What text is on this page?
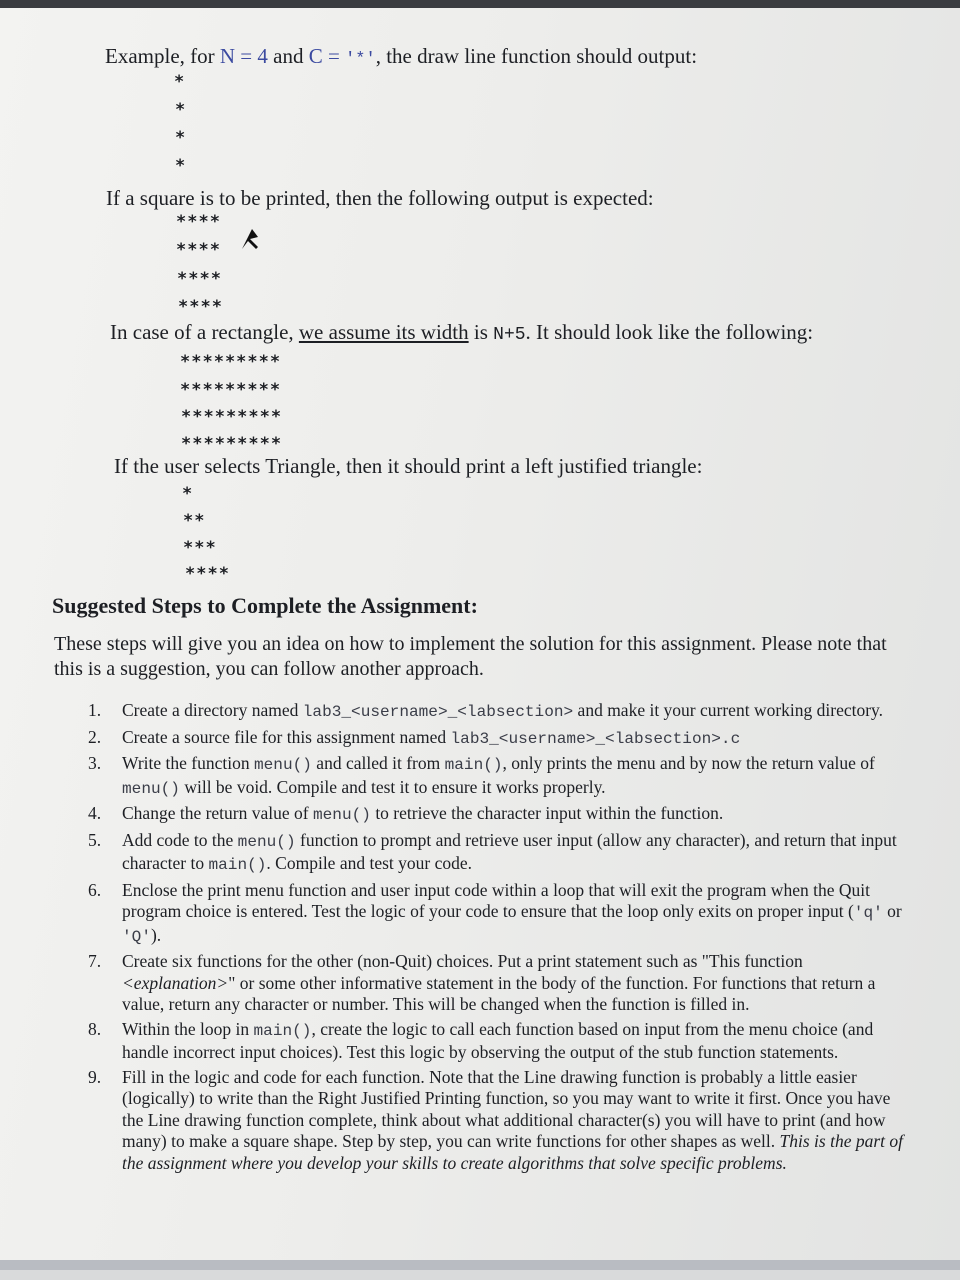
Example, for N = 4 and C = '*', the draw line function should output:
*
*
*
*
If a square is to be printed, then the following output is expected:
****
****
****
****
In case of a rectangle, we assume its width is N+5. It should look like the following:
*********
*********
*********
*********
If the user selects Triangle, then it should print a left justified triangle:
*
**
***
****
Suggested Steps to Complete the Assignment:
These steps will give you an idea on how to implement the solution for this assignment. Please note that this is a suggestion, you can follow another approach.
1. Create a directory named lab3_<username>_<labsection> and make it your current working directory.
2. Create a source file for this assignment named lab3_<username>_<labsection>.c
3. Write the function menu() and called it from main(), only prints the menu and by now the return value of menu() will be void. Compile and test it to ensure it works properly.
4. Change the return value of menu() to retrieve the character input within the function.
5. Add code to the menu() function to prompt and retrieve user input (allow any character), and return that input character to main(). Compile and test your code.
6. Enclose the print menu function and user input code within a loop that will exit the program when the Quit program choice is entered. Test the logic of your code to ensure that the loop only exits on proper input ('q' or 'Q').
7. Create six functions for the other (non-Quit) choices. Put a print statement such as "This function <explanation>" or some other informative statement in the body of the function. For functions that return a value, return any character or number. This will be changed when the function is filled in.
8. Within the loop in main(), create the logic to call each function based on input from the menu choice (and handle incorrect input choices). Test this logic by observing the output of the stub function statements.
9. Fill in the logic and code for each function. Note that the Line drawing function is probably a little easier (logically) to write than the Right Justified Printing function, so you may want to write it first. Once you have the Line drawing function complete, think about what additional character(s) you will have to print (and how many) to make a square shape. Step by step, you can write functions for other shapes as well. This is the part of the assignment where you develop your skills to create algorithms that solve specific problems.
